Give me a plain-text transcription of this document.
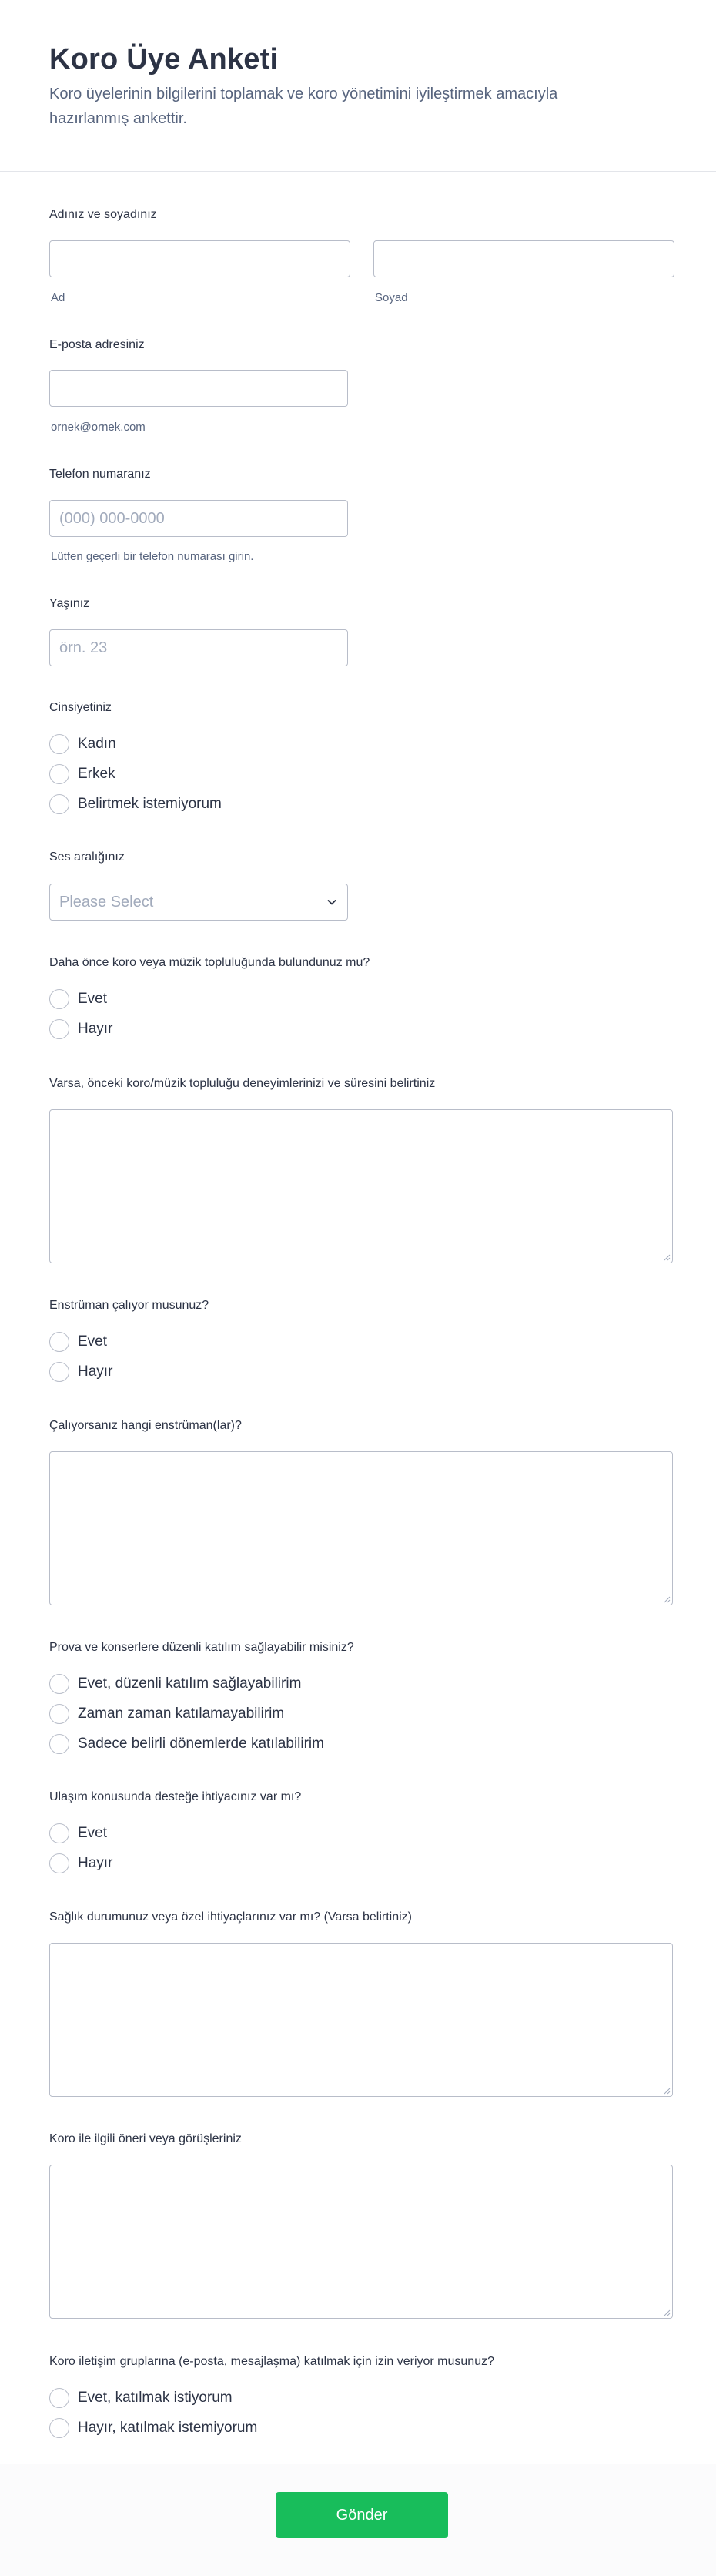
Koro Üye Anketi

Koro üyelerinin bilgilerini toplamak ve koro yönetimini iyileştirmek amacıyla hazırlanmış ankettir.

Adınız ve soyadınız
Ad	Soyad
E-posta adresiniz
ornek@ornek.com
Telefon numaranız
(000) 000-0000
Lütfen geçerli bir telefon numarası girin.
Yaşınız
örn. 23
Cinsiyetiniz
Kadın
Erkek
Belirtmek istemiyorum
Ses aralığınız
Please Select
Daha önce koro veya müzik topluluğunda bulundunuz mu?
Evet
Hayır
Varsa, önceki koro/müzik topluluğu deneyimlerinizi ve süresini belirtiniz
Enstrüman çalıyor musunuz?
Evet
Hayır
Çalıyorsanız hangi enstrüman(lar)?
Prova ve konserlere düzenli katılım sağlayabilir misiniz?
Evet, düzenli katılım sağlayabilirim
Zaman zaman katılamayabilirim
Sadece belirli dönemlerde katılabilirim
Ulaşım konusunda desteğe ihtiyacınız var mı?
Evet
Hayır
Sağlık durumunuz veya özel ihtiyaçlarınız var mı? (Varsa belirtiniz)
Koro ile ilgili öneri veya görüşleriniz
Koro iletişim gruplarına (e-posta, mesajlaşma) katılmak için izin veriyor musunuz?
Evet, katılmak istiyorum
Hayır, katılmak istemiyorum
Gönder
